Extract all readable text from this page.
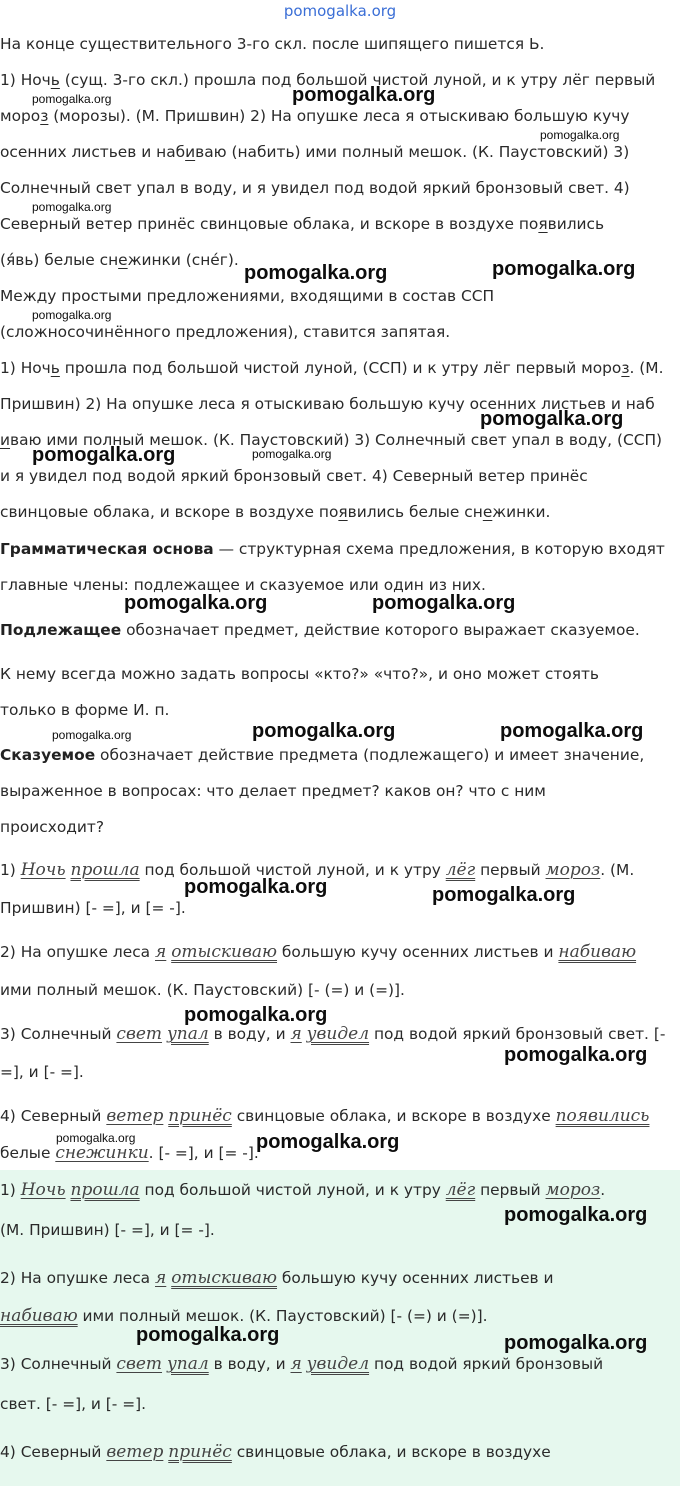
pomogalka.org
На конце существительного 3-го скл. после шипящего пишется Ь.
1) Ночь (сущ. 3-го скл.) прошла под большой чистой луной, и к утру лёг первый
мороз (морозы). (М. Пришвин) 2) На опушке леса я отыскиваю большую кучу
осенних листьев и набиваю (набить) ими полный мешок. (К. Паустовский) 3)
Солнечный свет упал в воду, и я увидел под водой яркий бронзовый свет. 4)
Северный ветер принёс свинцовые облака, и вскоре в воздухе появились
(я́вь) белые снежинки (сне́г).
Между простыми предложениями, входящими в состав ССП
(сложносочинённого предложения), ставится запятая.
1) Ночь прошла под большой чистой луной, (ССП) и к утру лёг первый мороз. (М.
Пришвин) 2) На опушке леса я отыскиваю большую кучу осенних листьев и наб
иваю ими полный мешок. (К. Паустовский) 3) Солнечный свет упал в воду, (ССП)
и я увидел под водой яркий бронзовый свет. 4) Северный ветер принёс
свинцовые облака, и вскоре в воздухе появились белые снежинки.
Грамматическая основа — структурная схема предложения, в которую входят
главные члены: подлежащее и сказуемое или один из них.
Подлежащее обозначает предмет, действие которого выражает сказуемое.
К нему всегда можно задать вопросы «кто?» «что?», и оно может стоять
только в форме И. п.
Сказуемое обозначает действие предмета (подлежащего) и имеет значение,
выраженное в вопросах: что делает предмет? каков он? что с ним
происходит?
1) Ночь прошла под большой чистой луной, и к утру лёг первый мороз. (М.
Пришвин) [- =], и [= -].
2) На опушке леса я отыскиваю большую кучу осенних листьев и набиваю
ими полный мешок. (К. Паустовский) [- (=) и (=)].
3) Солнечный свет упал в воду, и я увидел под водой яркий бронзовый свет. [-
=], и [- =].
4) Северный ветер принёс свинцовые облака, и вскоре в воздухе появились
белые снежинки. [- =], и [= -].
1) Ночь прошла под большой чистой луной, и к утру лёг первый мороз.
(М. Пришвин) [- =], и [= -].
2) На опушке леса я отыскиваю большую кучу осенних листьев и
набиваю ими полный мешок. (К. Паустовский) [- (=) и (=)].
3) Солнечный свет упал в воду, и я увидел под водой яркий бронзовый
свет. [- =], и [- =].
4) Северный ветер принёс свинцовые облака, и вскоре в воздухе
pomogalka.org	pomogalka.org
pomogalka.org
pomogalka.org
pomogalka.org	pomogalka.org
pomogalka.org
pomogalka.org
pomogalka.org	pomogalka.org
pomogalka.org	pomogalka.org
pomogalka.org	pomogalka.org	pomogalka.org
pomogalka.org	pomogalka.org
pomogalka.org
pomogalka.org
pomogalka.org	pomogalka.org
pomogalka.org
pomogalka.org	pomogalka.org
